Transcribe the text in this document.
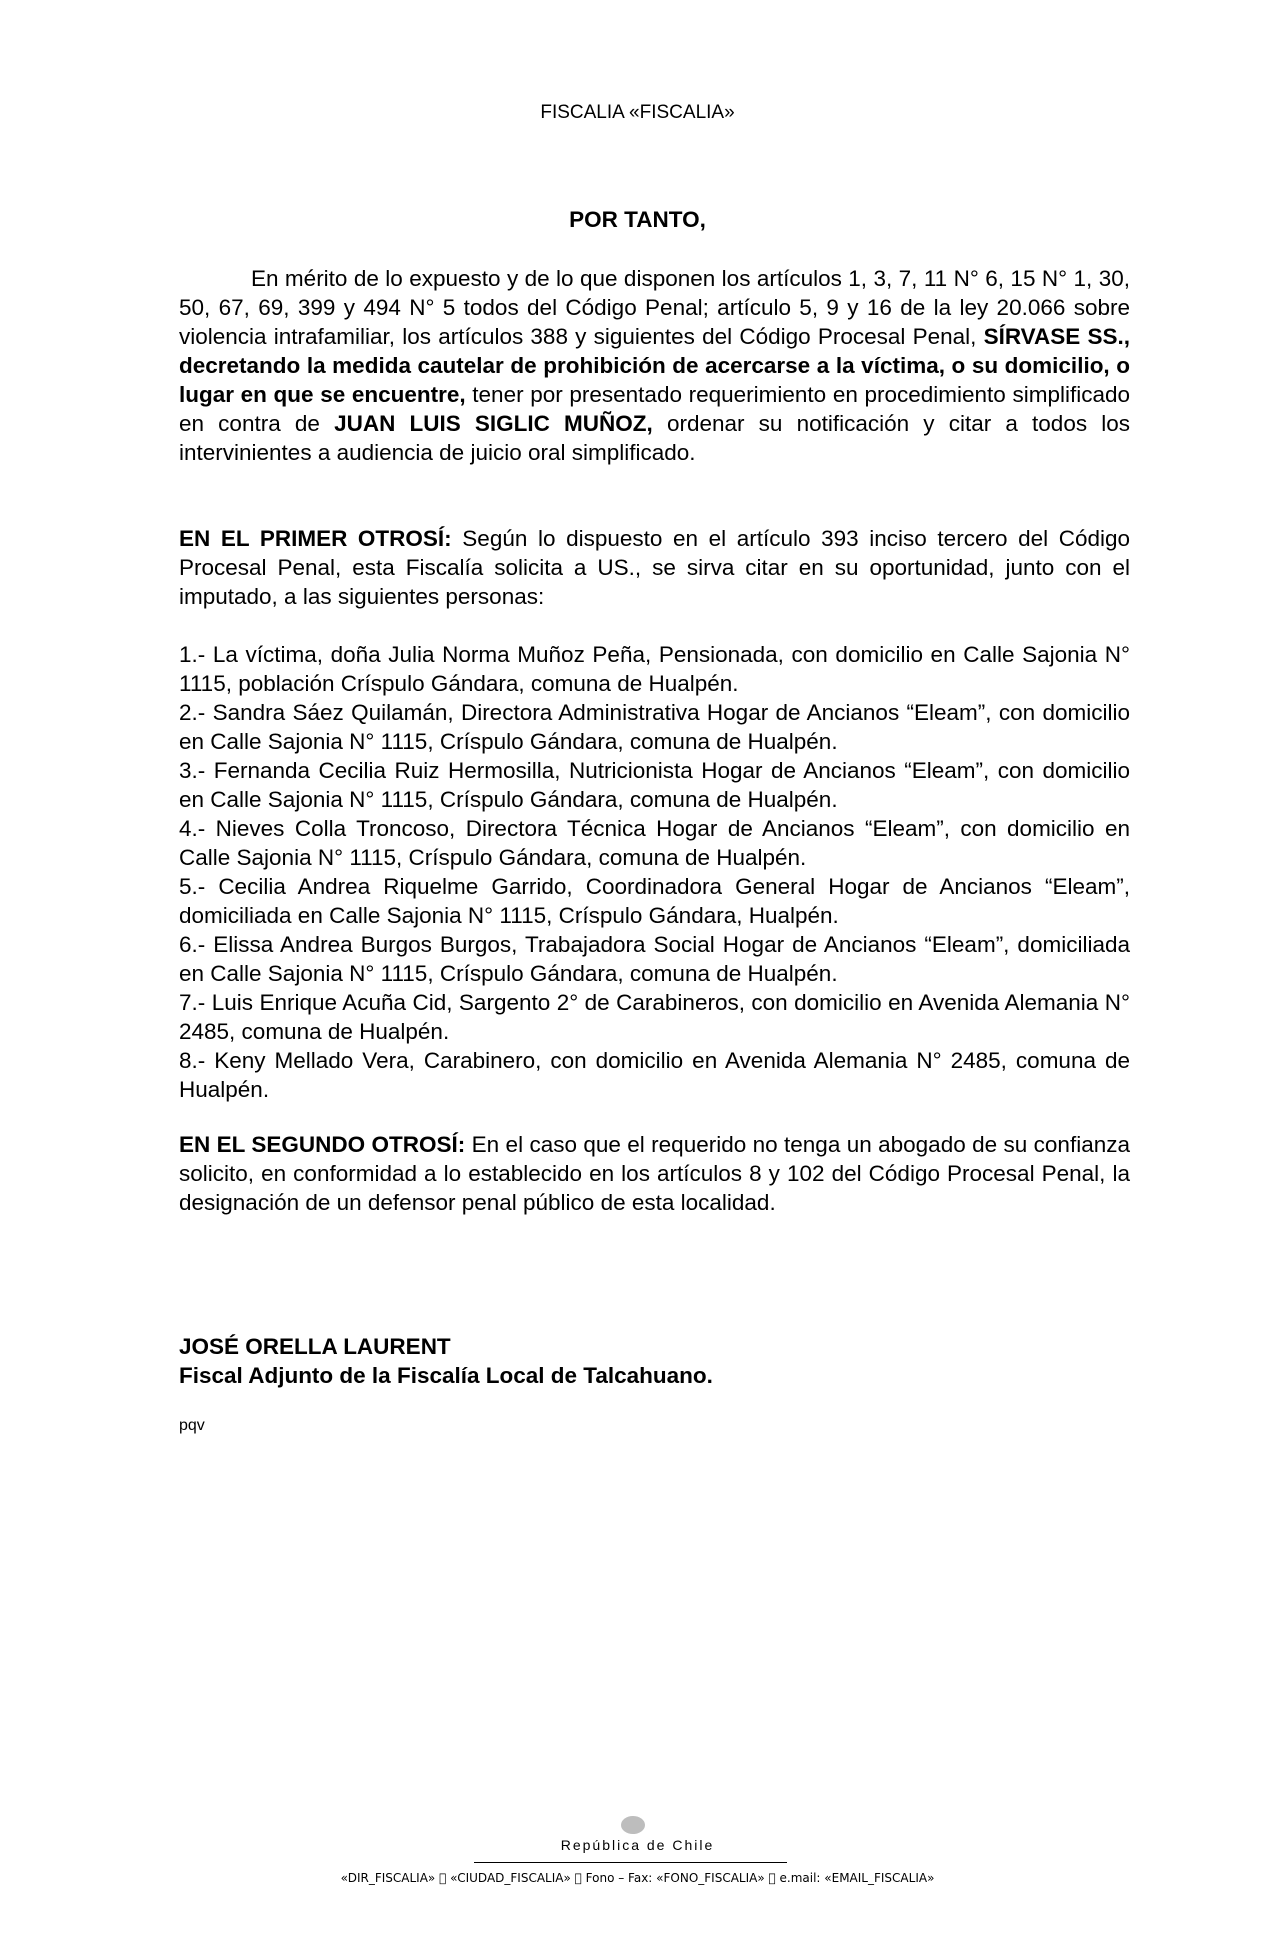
FISCALIA «FISCALIA»
POR TANTO,

En mérito de lo expuesto y de lo que disponen los artículos 1, 3, 7, 11 N° 6, 15 N° 1, 30, 50, 67, 69, 399 y 494 N° 5 todos del Código Penal; artículo 5, 9 y 16 de la ley 20.066 sobre violencia intrafamiliar, los artículos 388 y siguientes del Código Procesal Penal, SÍRVASE SS., decretando la medida cautelar de prohibición de acercarse a la víctima, o su domicilio, o lugar en que se encuentre, tener por presentado requerimiento en procedimiento simplificado en contra de JUAN LUIS SIGLIC MUÑOZ, ordenar su notificación y citar a todos los intervinientes a audiencia de juicio oral simplificado.

EN EL PRIMER OTROSÍ: Según lo dispuesto en el artículo 393 inciso tercero del Código Procesal Penal, esta Fiscalía solicita a US., se sirva citar en su oportunidad, junto con el imputado, a las siguientes personas:

1.- La víctima, doña Julia Norma Muñoz Peña, Pensionada, con domicilio en Calle Sajonia N° 1115, población Críspulo Gándara, comuna de Hualpén.

2.- Sandra Sáez Quilamán, Directora Administrativa Hogar de Ancianos “Eleam”, con domicilio en Calle Sajonia N° 1115, Críspulo Gándara, comuna de Hualpén.

3.- Fernanda Cecilia Ruiz Hermosilla, Nutricionista Hogar de Ancianos “Eleam”, con domicilio en Calle Sajonia N° 1115, Críspulo Gándara, comuna de Hualpén.

4.- Nieves Colla Troncoso, Directora Técnica Hogar de Ancianos “Eleam”, con domicilio en Calle Sajonia N° 1115, Críspulo Gándara, comuna de Hualpén.

5.- Cecilia Andrea Riquelme Garrido, Coordinadora General Hogar de Ancianos “Eleam”, domiciliada en Calle Sajonia N° 1115, Críspulo Gándara, Hualpén.

6.- Elissa Andrea Burgos Burgos, Trabajadora Social Hogar de Ancianos “Eleam”, domiciliada en Calle Sajonia N° 1115, Críspulo Gándara, comuna de Hualpén.

7.- Luis Enrique Acuña Cid, Sargento 2° de Carabineros, con domicilio en Avenida Alemania N° 2485, comuna de Hualpén.

8.- Keny Mellado Vera, Carabinero, con domicilio en Avenida Alemania N° 2485, comuna de Hualpén.

EN EL SEGUNDO OTROSÍ: En el caso que el requerido no tenga un abogado de su confianza solicito, en conformidad a lo establecido en los artículos 8 y 102 del Código Procesal Penal, la designación de un defensor penal público de esta localidad.

JOSÉ ORELLA LAURENT
Fiscal Adjunto de la Fiscalía Local de Talcahuano.
pqv
República de Chile
«DIR_FISCALIA»   «CIUDAD_FISCALIA»   Fono – Fax: «FONO_FISCALIA»   e.mail: «EMAIL_FISCALIA»
